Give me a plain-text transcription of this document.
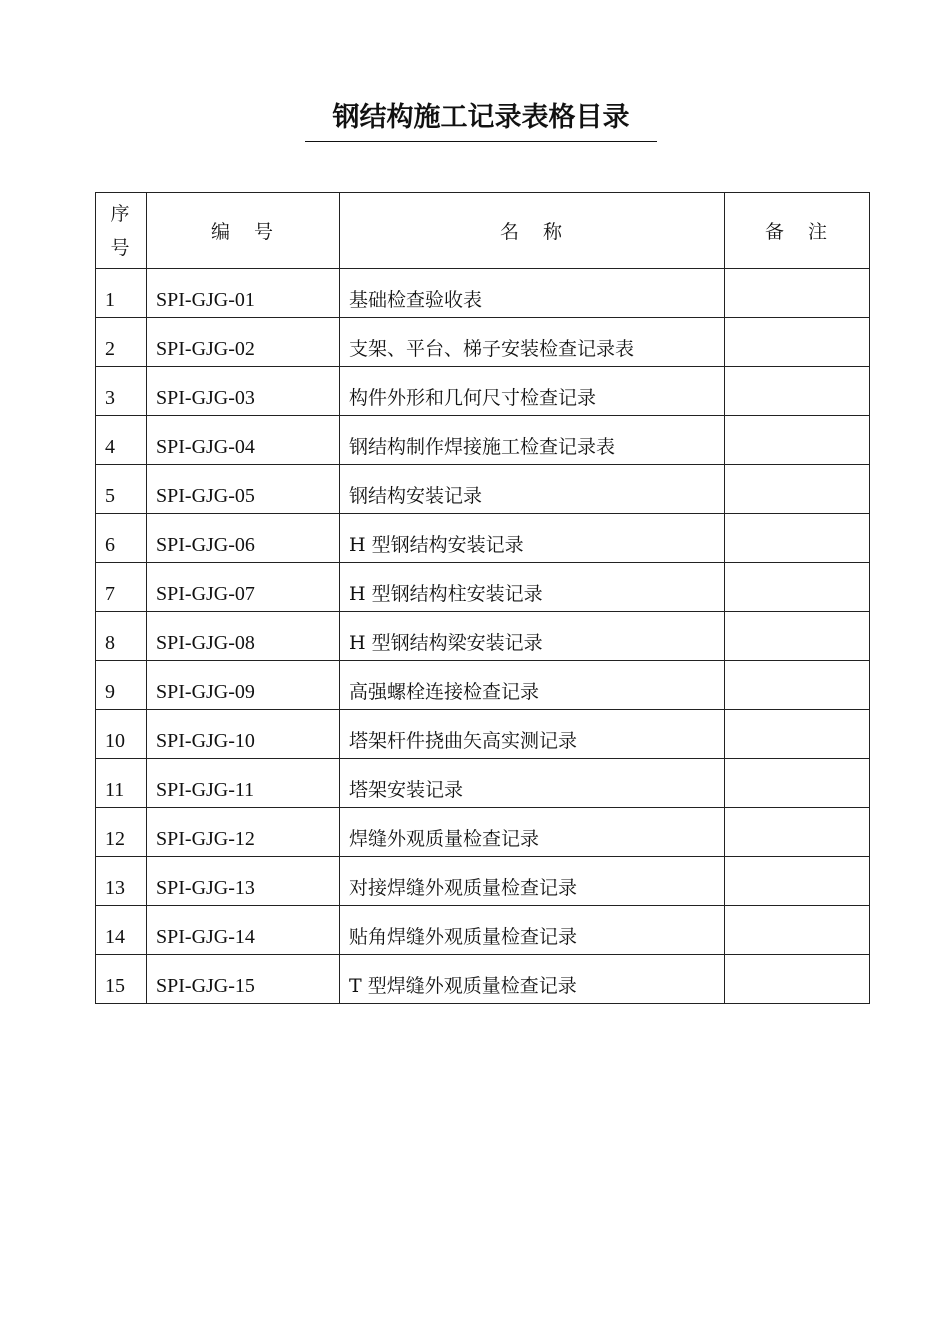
钢结构施工记录表格目录
序
号	编 号	名 称	备 注

1	SPI-GJG-01	基础检查验收表	

2	SPI-GJG-02	支架、平台、梯子安装检查记录表	

3	SPI-GJG-03	构件外形和几何尺寸检查记录	

4	SPI-GJG-04	钢结构制作焊接施工检查记录表	

5	SPI-GJG-05	钢结构安装记录	

6	SPI-GJG-06	H 型钢结构安装记录	

7	SPI-GJG-07	H 型钢结构柱安装记录	

8	SPI-GJG-08	H 型钢结构梁安装记录	

9	SPI-GJG-09	高强螺栓连接检查记录	

10	SPI-GJG-10	塔架杆件挠曲矢高实测记录	

11	SPI-GJG-11	塔架安装记录	

12	SPI-GJG-12	焊缝外观质量检查记录	

13	SPI-GJG-13	对接焊缝外观质量检查记录	

14	SPI-GJG-14	贴角焊缝外观质量检查记录	

15	SPI-GJG-15	T 型焊缝外观质量检查记录	
